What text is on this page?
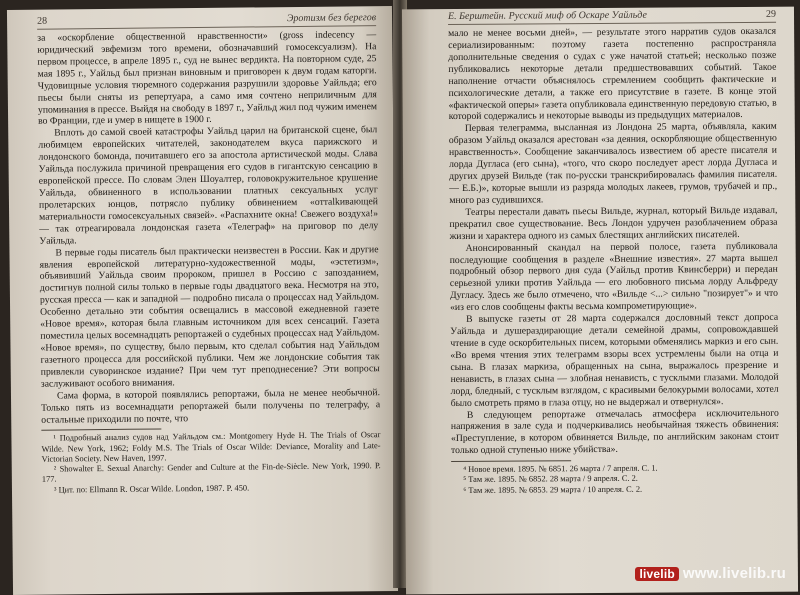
28	Эротизм без берегов

за «оскорбление общественной нравственности» (gross indecency — юридический эвфемизм того времени, обозначавший гомосексуализм). На первом процессе, в апреле 1895 г., суд не вынес вердикта. На повторном суде, 25 мая 1895 г., Уайльд был признан виновным и приговорен к двум годам каторги. Чудовищные условия тюремного содержания разрушили здоровье Уайльда; его пьесы были сняты из репертуара, а само имя сочтено неприличным для упоминания в прессе. Выйдя на свободу в 1897 г., Уайльд жил под чужим именем во Франции, где и умер в нищете в 1900 г.

Вплоть до самой своей катастрофы Уайльд царил на британской сцене, был любимцем европейских читателей, законодателем вкуса парижского и лондонского бомонда, почитавшего его за апостола артистической моды. Слава Уайльда послужила причиной превращения его судов в гигантскую сенсацию в европейской прессе. По словам Элен Шоуалтер, головокружительное крушение Уайльда, обвиненного в использовании платных сексуальных услуг пролетарских юнцов, потрясло публику обвинением «оттalkивающей материальности гомосексуальных связей». «Распахните окна! Свежего воздуха!» — так отреагировала лондонская газета «Телеграф» на приговор по делу Уайльда.

В первые годы писатель был практически неизвестен в России. Как и другие явления европейской литературно-художественной моды, «эстетизм», объявивший Уайльда своим пророком, пришел в Россию с запозданием, достигнув полной силы только в первые годы двадцатого века. Несмотря на это, русская пресса — как и западной — подробно писала о процессах над Уайльдом. Особенно детально эти события освещались в массовой ежедневной газете «Новое время», которая была главным источником для всех сенсаций. Газета поместила целых восемнадцать репортажей о судебных процессах над Уайльдом. «Новое время», по существу, было первым, кто сделал события над Уайльдом газетного процесса для российской публики. Чем же лондонские события так привлекли суворинское издание? При чем тут преподнесение? Эти вопросы заслуживают особого внимания.

Сама форма, в которой появлялись репортажи, была не менее необычной. Только пять из восемнадцати репортажей были получены по телеграфу, а остальные приходили по почте, что

¹ Подробный анализ судов над Уайльдом см.: Montgomery Hyde H. The Trials of Oscar Wilde. New York, 1962; Foldy M.S. The Trials of Oscar Wilde: Deviance, Morality and Late-Victorian Society. New Haven, 1997.

² Showalter E. Sexual Anarchy: Gender and Culture at the Fin-de-Siècle. New York, 1990. P. 177.

³ Цит. по: Ellmann R. Oscar Wilde. London, 1987. P. 450.

Е. Берштейн. Русский миф об Оскаре Уайльде	29

мало не менее восьми дней», — результате этого нарратив судов оказался сериализированным: поэтому газета постепенно распространяла дополнительные сведения о судах с уже начатой статьей; несколько позже публиковались некоторые детали предшествовавших событий. Такое наполнение отчасти объяснялось стремлением сообщить фактические и психологические детали, а также его присутствие в газете. В конце этой «фактической оперы» газета опубликовала единственную передовую статью, в которой содержались и некоторые выводы из предыдущих материалов.

Первая телеграмма, высланная из Лондона 25 марта, объявляла, каким образом Уайльд оказался арестован «за деяния, оскорбляющие общественную нравственность». Сообщение заканчивалось известием об аресте писателя и лорда Дугласа (его сына), «того, что скоро последует арест лорда Дугласа и других друзей Вильде (так по-русски транскрибировалась фамилия писателя. — Е.Б.)», которые вышли из разряда молодых лакеев, грумов, трубачей и пр., много раз судившихся.

Театры перестали давать пьесы Вильде, журнал, который Вильде издавал, прекратил свое существование. Весь Лондон удручен разоблачением образа жизни и характера одного из самых блестящих английских писателей.

Анонсированный скандал на первой полосе, газета публиковала последующие сообщения в разделе «Внешние известия». 27 марта вышел подробный обзор первого дня суда (Уайльд против Квинсберри) и передан серьезной улики против Уайльда — его любовного письма лорду Альфреду Дугласу. Здесь же было отмечено, что «Вильде <...> сильно "позирует"» и что «из его слов сообщены факты весьма компрометирующие».

В выпуске газеты от 28 марта содержался дословный текст допроса Уайльда и душераздирающие детали семейной драмы, сопровождавшей чтение в суде оскорбительных писем, которыми обменялись маркиз и его сын. «Во время чтения этих телеграмм взоры всех устремлены были на отца и сына. В глазах маркиза, обращенных на сына, выражалось презрение и ненависть, в глазах сына — злобная ненависть, с тусклыми глазами. Молодой лорд, бледный, с тусклым взглядом, с красивыми белокурыми волосами, хотел было смотреть прямо в глаза отцу, но не выдержал и отвернулся».

В следующем репортаже отмечалась атмосфера исключительного напряжения в зале суда и подчеркивались необычайная тяжесть обвинения: «Преступление, в котором обвиняется Вильде, по английским законам стоит только одной ступенью ниже убийства».

⁴ Новое время. 1895. № 6851. 26 марта / 7 апреля. С. 1.

⁵ Там же. 1895. № 6852. 28 марта / 9 апреля. С. 2.

⁶ Там же. 1895. № 6853. 29 марта / 10 апреля. С. 2.

livelib www.livelib.ru
